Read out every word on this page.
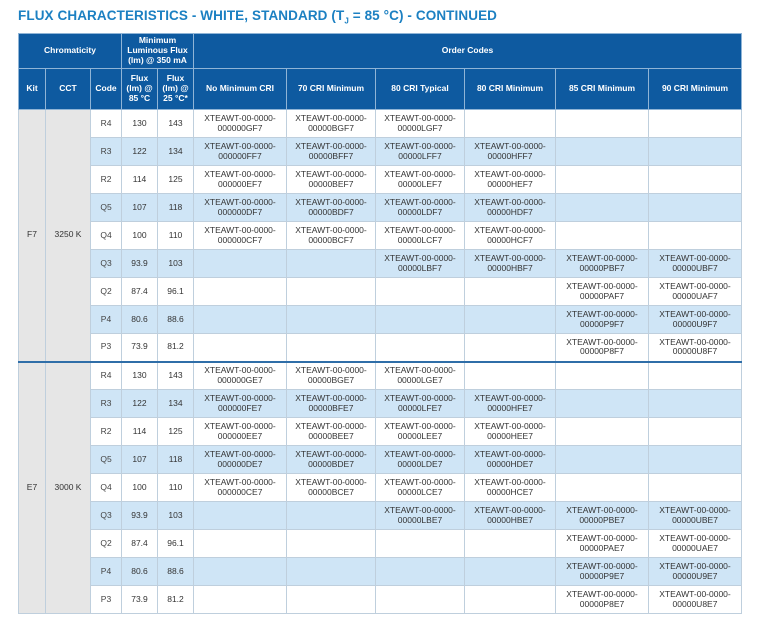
FLUX CHARACTERISTICS - WHITE, STANDARD ($T_J = 85$ °C) - CONTINUED
Chromaticity			Minimum Luminous Flux (lm) @ 350 mA		Order Codes					
Kit	CCT	Code	Flux (lm) @ 85 °C	Flux (lm) @ 25 °C*	No Minimum CRI	70 CRI Minimum	80 CRI Typical	80 CRI Minimum	85 CRI Minimum	90 CRI Minimum
F7	3250 K	R4	130	143	XTEAWT-00-0000-000000GF7	XTEAWT-00-0000-00000BGF7	XTEAWT-00-0000-00000LGF7			
		R3	122	134	XTEAWT-00-0000-000000FF7	XTEAWT-00-0000-00000BFF7	XTEAWT-00-0000-00000LFF7	XTEAWT-00-0000-00000HFF7		
		R2	114	125	XTEAWT-00-0000-000000EF7	XTEAWT-00-0000-00000BEF7	XTEAWT-00-0000-00000LEF7	XTEAWT-00-0000-00000HEF7		
		Q5	107	118	XTEAWT-00-0000-000000DF7	XTEAWT-00-0000-00000BDF7	XTEAWT-00-0000-00000LDF7	XTEAWT-00-0000-00000HDF7		
		Q4	100	110	XTEAWT-00-0000-000000CF7	XTEAWT-00-0000-00000BCF7	XTEAWT-00-0000-00000LCF7	XTEAWT-00-0000-00000HCF7		
		Q3	93.9	103			XTEAWT-00-0000-00000LBF7	XTEAWT-00-0000-00000HBF7	XTEAWT-00-0000-00000PBF7	XTEAWT-00-0000-00000UBF7
		Q2	87.4	96.1					XTEAWT-00-0000-00000PAF7	XTEAWT-00-0000-00000UAF7
		P4	80.6	88.6					XTEAWT-00-0000-00000P9F7	XTEAWT-00-0000-00000U9F7
		P3	73.9	81.2					XTEAWT-00-0000-00000P8F7	XTEAWT-00-0000-00000U8F7
E7	3000 K	R4	130	143	XTEAWT-00-0000-000000GE7	XTEAWT-00-0000-00000BGE7	XTEAWT-00-0000-00000LGE7			
		R3	122	134	XTEAWT-00-0000-000000FE7	XTEAWT-00-0000-00000BFE7	XTEAWT-00-0000-00000LFE7	XTEAWT-00-0000-00000HFE7		
		R2	114	125	XTEAWT-00-0000-000000EE7	XTEAWT-00-0000-00000BEE7	XTEAWT-00-0000-00000LEE7	XTEAWT-00-0000-00000HEE7		
		Q5	107	118	XTEAWT-00-0000-000000DE7	XTEAWT-00-0000-00000BDE7	XTEAWT-00-0000-00000LDE7	XTEAWT-00-0000-00000HDE7		
		Q4	100	110	XTEAWT-00-0000-000000CE7	XTEAWT-00-0000-00000BCE7	XTEAWT-00-0000-00000LCE7	XTEAWT-00-0000-00000HCE7		
		Q3	93.9	103			XTEAWT-00-0000-00000LBE7	XTEAWT-00-0000-00000HBE7	XTEAWT-00-0000-00000PBE7	XTEAWT-00-0000-00000UBE7
		Q2	87.4	96.1					XTEAWT-00-0000-00000PAE7	XTEAWT-00-0000-00000UAE7
		P4	80.6	88.6					XTEAWT-00-0000-00000P9E7	XTEAWT-00-0000-00000U9E7
		P3	73.9	81.2					XTEAWT-00-0000-00000P8E7	XTEAWT-00-0000-00000U8E7
